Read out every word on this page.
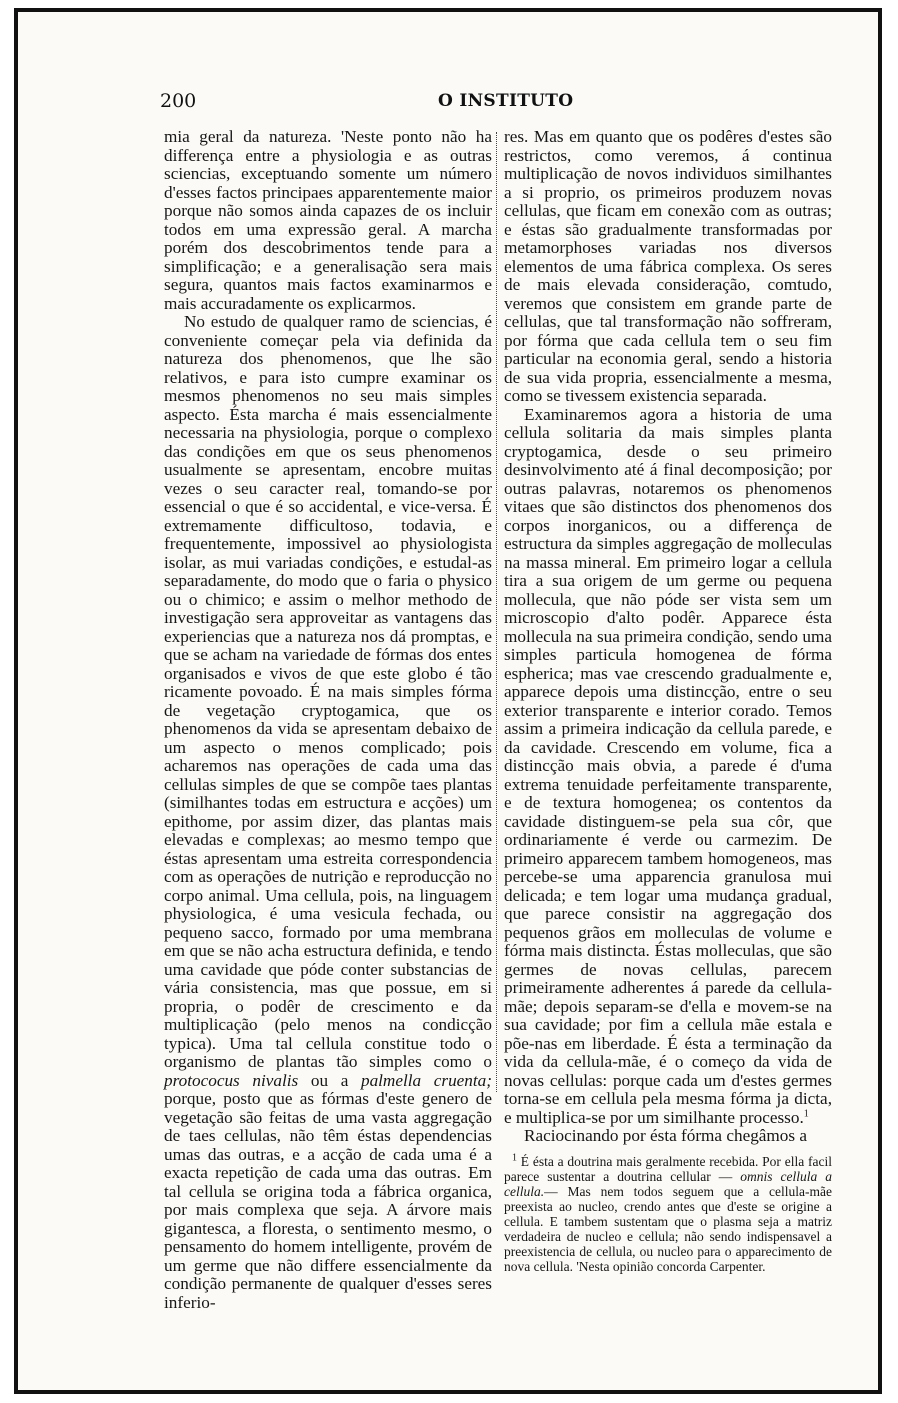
200	O INSTITUTO

mia geral da natureza. 'Neste ponto não ha differença entre a physiologia e as outras sciencias, exceptuando somente um número d'esses factos principaes apparentemente maior porque não somos ainda capazes de os incluir todos em uma expressão geral. A marcha porém dos descobrimentos tende para a simplificação; e a generalisação sera mais segura, quantos mais factos examinarmos e mais accuradamente os explicarmos.

No estudo de qualquer ramo de sciencias, é conveniente começar pela via definida da natureza dos phenomenos, que lhe são relativos, e para isto cumpre examinar os mesmos phenomenos no seu mais simples aspecto. Ésta marcha é mais essencialmente necessaria na physiologia, porque o complexo das condições em que os seus phenomenos usualmente se apresentam, encobre muitas vezes o seu caracter real, tomando-se por essencial o que é so accidental, e vice-versa. É extremamente difficultoso, todavia, e frequentemente, impossivel ao physiologista isolar, as mui variadas condições, e estudal-as separadamente, do modo que o faria o physico ou o chimico; e assim o melhor methodo de investigação sera approveitar as vantagens das experiencias que a natureza nos dá promptas, e que se acham na variedade de fórmas dos entes organisados e vivos de que este globo é tão ricamente povoado. É na mais simples fórma de vegetação cryptogamica, que os phenomenos da vida se apresentam debaixo de um aspecto o menos complicado; pois acharemos nas operações de cada uma das cellulas simples de que se compõe taes plantas (similhantes todas em estructura e acções) um epithome, por assim dizer, das plantas mais elevadas e complexas; ao mesmo tempo que éstas apresentam uma estreita correspondencia com as operações de nutrição e reproducção no corpo animal. Uma cellula, pois, na linguagem physiologica, é uma vesicula fechada, ou pequeno sacco, formado por uma membrana em que se não acha estructura definida, e tendo uma cavidade que póde conter substancias de vária consistencia, mas que possue, em si propria, o podêr de crescimento e da multiplicação (pelo menos na condicção typica). Uma tal cellula constitue todo o organismo de plantas tão simples como o protococus nivalis ou a palmella cruenta; porque, posto que as fórmas d'este genero de vegetação são feitas de uma vasta aggregação de taes cellulas, não têm éstas dependencias umas das outras, e a acção de cada uma é a exacta repetição de cada uma das outras. Em tal cellula se origina toda a fábrica organica, por mais complexa que seja. A árvore mais gigantesca, a floresta, o sentimento mesmo, o pensamento do homem intelligente, provém de um germe que não differe essencialmente da condição permanente de qualquer d'esses seres inferio-

res. Mas em quanto que os podêres d'estes são restrictos, como veremos, á continua multiplicação de novos individuos similhantes a si proprio, os primeiros produzem novas cellulas, que ficam em conexão com as outras; e éstas são gradualmente transformadas por metamorphoses variadas nos diversos elementos de uma fábrica complexa. Os seres de mais elevada consideração, comtudo, veremos que consistem em grande parte de cellulas, que tal transformação não soffreram, por fórma que cada cellula tem o seu fim particular na economia geral, sendo a historia de sua vida propria, essencialmente a mesma, como se tivessem existencia separada.

Examinaremos agora a historia de uma cellula solitaria da mais simples planta cryptogamica, desde o seu primeiro desinvolvimento até á final decomposição; por outras palavras, notaremos os phenomenos vitaes que são distinctos dos phenomenos dos corpos inorganicos, ou a differença de estructura da simples aggregação de molleculas na massa mineral. Em primeiro logar a cellula tira a sua origem de um germe ou pequena mollecula, que não póde ser vista sem um microscopio d'alto podêr. Apparece ésta mollecula na sua primeira condição, sendo uma simples particula homogenea de fórma espherica; mas vae crescendo gradualmente e, apparece depois uma distincção, entre o seu exterior transparente e interior corado. Temos assim a primeira indicação da cellula parede, e da cavidade. Crescendo em volume, fica a distincção mais obvia, a parede é d'uma extrema tenuidade perfeitamente transparente, e de textura homogenea; os contentos da cavidade distinguem-se pela sua côr, que ordinariamente é verde ou carmezim. De primeiro apparecem tambem homogeneos, mas percebe-se uma apparencia granulosa mui delicada; e tem logar uma mudança gradual, que parece consistir na aggregação dos pequenos grãos em molleculas de volume e fórma mais distincta. Éstas molleculas, que são germes de novas cellulas, parecem primeiramente adherentes á parede da cellula-mãe; depois separam-se d'ella e movem-se na sua cavidade; por fim a cellula mãe estala e põe-nas em liberdade. É ésta a terminação da vida da cellula-mãe, é o começo da vida de novas cellulas: porque cada um d'estes germes torna-se em cellula pela mesma fórma ja dicta, e multiplica-se por um similhante processo.$^1$

Raciocinando por ésta fórma chegâmos a

$^1$ É ésta a doutrina mais geralmente recebida. Por ella facil parece sustentar a doutrina cellular — omnis cellula a cellula.— Mas nem todos seguem que a cellula-mãe preexista ao nucleo, crendo antes que d'este se origine a cellula. E tambem sustentam que o plasma seja a matriz verdadeira de nucleo e cellula; não sendo indispensavel a preexistencia de cellula, ou nucleo para o apparecimento de nova cellula. 'Nesta opinião concorda Carpenter.
